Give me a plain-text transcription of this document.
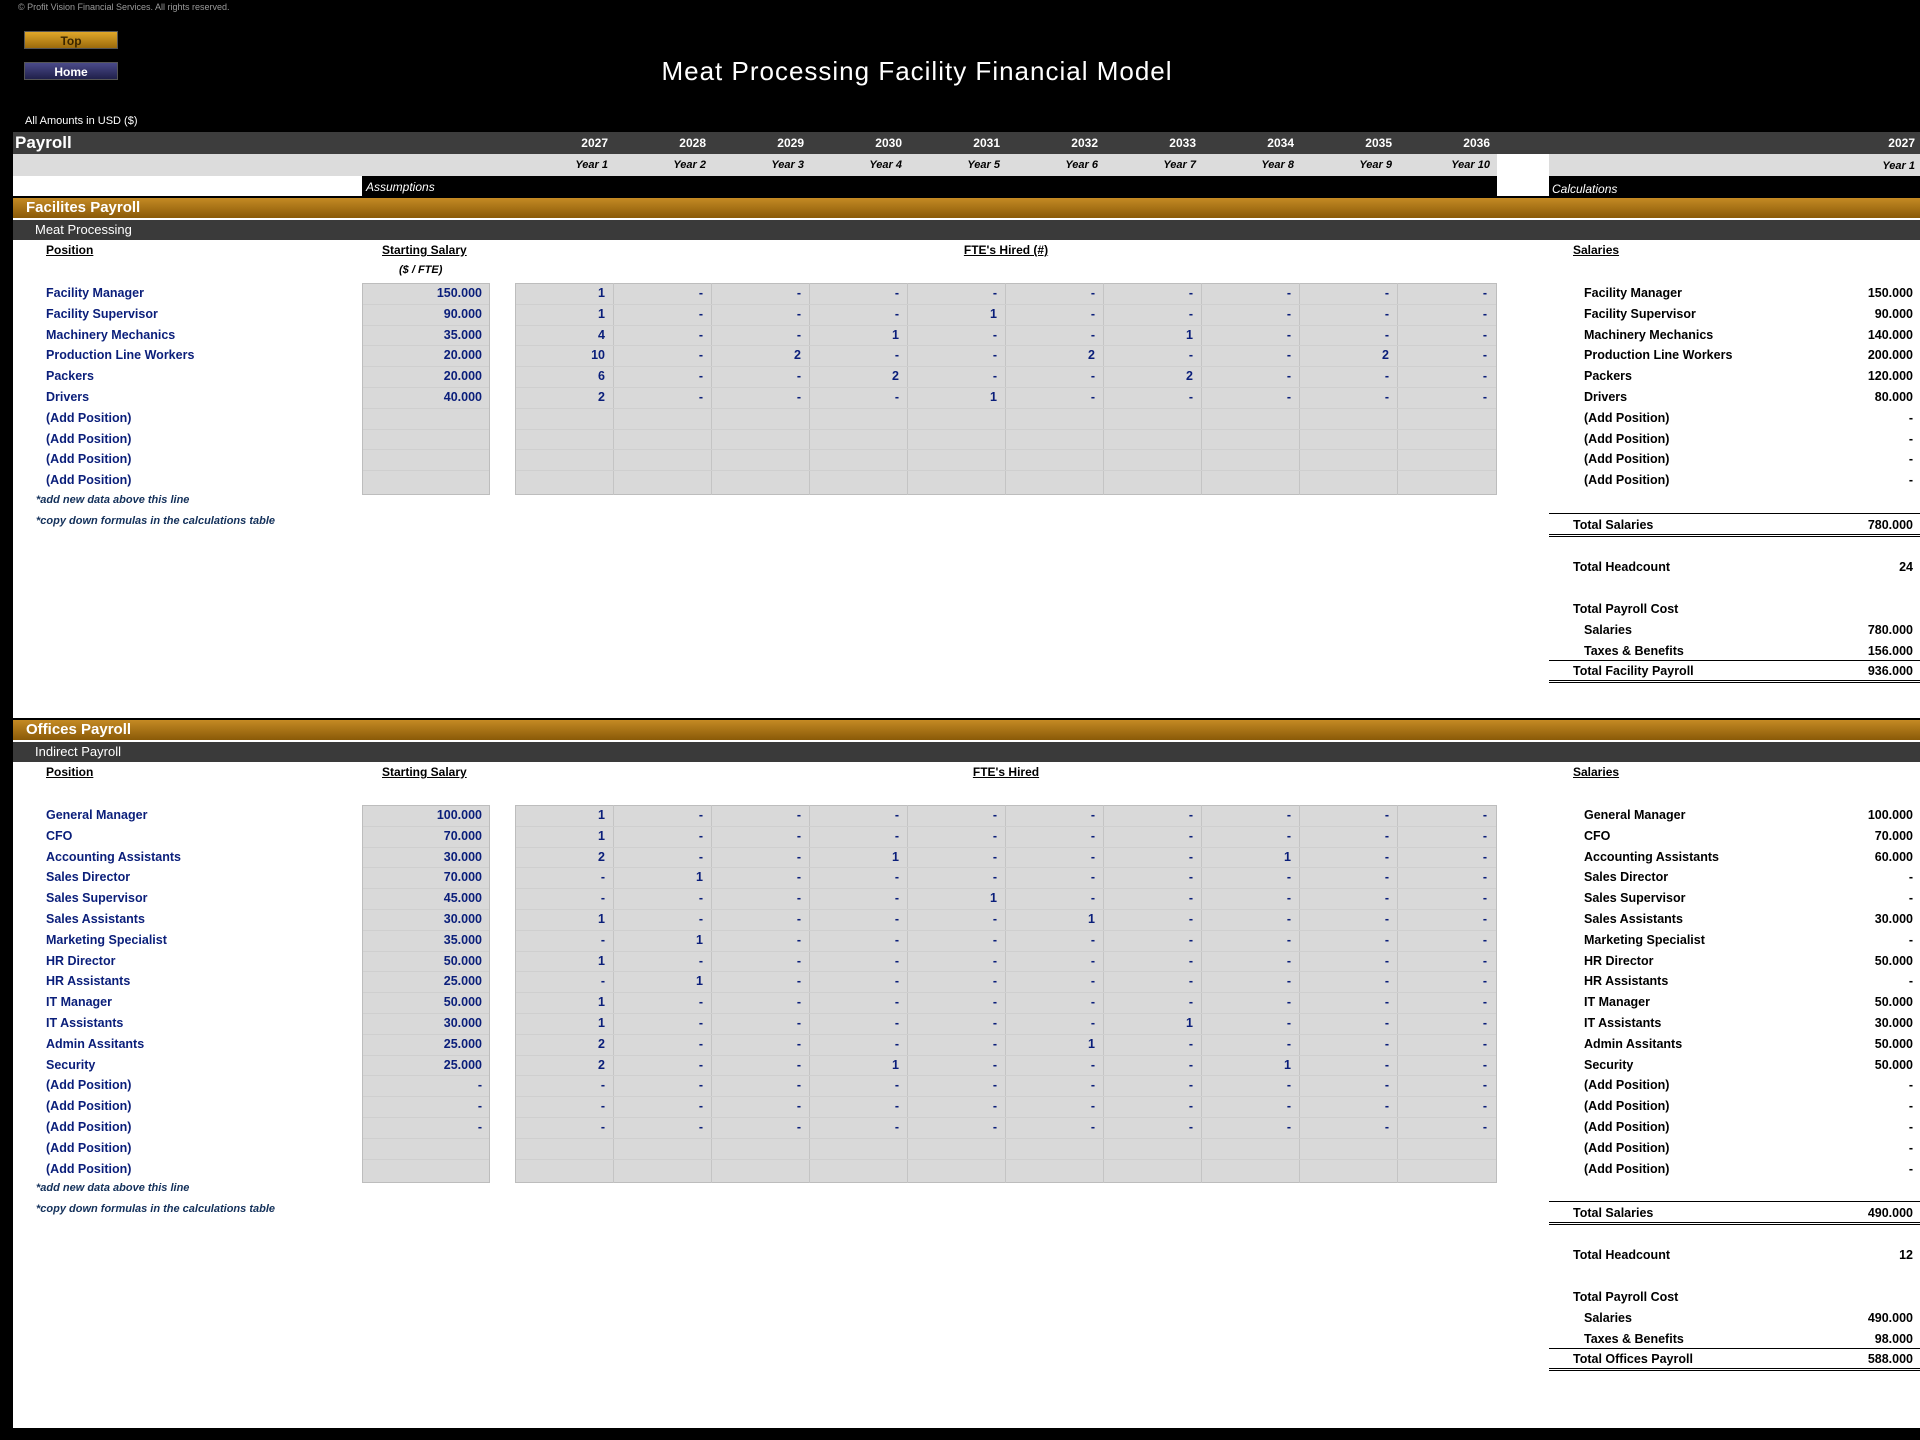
© Profit Vision Financial Services. All rights reserved.
Top
Home	Meat Processing Facility Financial Model
All Amounts in USD ($)
Payroll	2027	2028	2029	2030	2031	2032	2033	2034	2035	2036	2027
Year 1	Year 2	Year 3	Year 4	Year 5	Year 6	Year 7	Year 8	Year 9	Year 10	Year 1
Assumptions	Calculations
Facilites Payroll
Meat Processing
Position	Starting Salary
($ / FTE)
FTE's Hired (#)	Salaries
Facility Manager	150.000	1	-	-	-	-	-	-	-	-	-	Facility Manager	150.000
Facility Supervisor	90.000	1	-	-	-	1	-	-	-	-	-	Facility Supervisor	90.000
Machinery Mechanics	35.000	4	-	-	1	-	-	1	-	-	-	Machinery Mechanics	140.000
Production Line Workers	20.000	10	-	2	-	-	2	-	-	2	-	Production Line Workers	200.000
Packers	20.000	6	-	-	2	-	-	2	-	-	-	Packers	120.000
Drivers	40.000	2	-	-	-	1	-	-	-	-	-	Drivers	80.000
(Add Position)	(Add Position)	-
(Add Position)	(Add Position)	-
(Add Position)	(Add Position)	-
(Add Position)	(Add Position)	-
*add new data above this line
*copy down formulas in the calculations table	Total Salaries	780.000
Total Headcount	24
Total Payroll Cost
Salaries	780.000
Taxes & Benefits	156.000
Total Facility Payroll	936.000
Offices Payroll
Indirect Payroll
Position	Starting Salary	FTE's Hired	Salaries
General Manager	100.000	1	-	-	-	-	-	-	-	-	-	General Manager	100.000
CFO	70.000	1	-	-	-	-	-	-	-	-	-	CFO	70.000
Accounting Assistants	30.000	2	-	-	1	-	-	-	1	-	-	Accounting Assistants	60.000
Sales Director	70.000	-	1	-	-	-	-	-	-	-	-	Sales Director	-
Sales Supervisor	45.000	-	-	-	-	1	-	-	-	-	-	Sales Supervisor	-
Sales Assistants	30.000	1	-	-	-	-	1	-	-	-	-	Sales Assistants	30.000
Marketing Specialist	35.000	-	1	-	-	-	-	-	-	-	-	Marketing Specialist	-
HR Director	50.000	1	-	-	-	-	-	-	-	-	-	HR Director	50.000
HR Assistants	25.000	-	1	-	-	-	-	-	-	-	-	HR Assistants	-
IT Manager	50.000	1	-	-	-	-	-	-	-	-	-	IT Manager	50.000
IT Assistants	30.000	1	-	-	-	-	-	1	-	-	-	IT Assistants	30.000
Admin Assitants	25.000	2	-	-	-	-	1	-	-	-	-	Admin Assitants	50.000
Security	25.000	2	-	-	1	-	-	-	1	-	-	Security	50.000
(Add Position)	-	-	-	-	-	-	-	-	-	-	-	(Add Position)	-
(Add Position)	-	-	-	-	-	-	-	-	-	-	-	(Add Position)	-
(Add Position)	-	-	-	-	-	-	-	-	-	-	-	(Add Position)	-
(Add Position)	(Add Position)	-
(Add Position)	(Add Position)	-
*add new data above this line
*copy down formulas in the calculations table	Total Salaries	490.000
Total Headcount	12
Total Payroll Cost
Salaries	490.000
Taxes & Benefits	98.000
Total Offices Payroll	588.000
